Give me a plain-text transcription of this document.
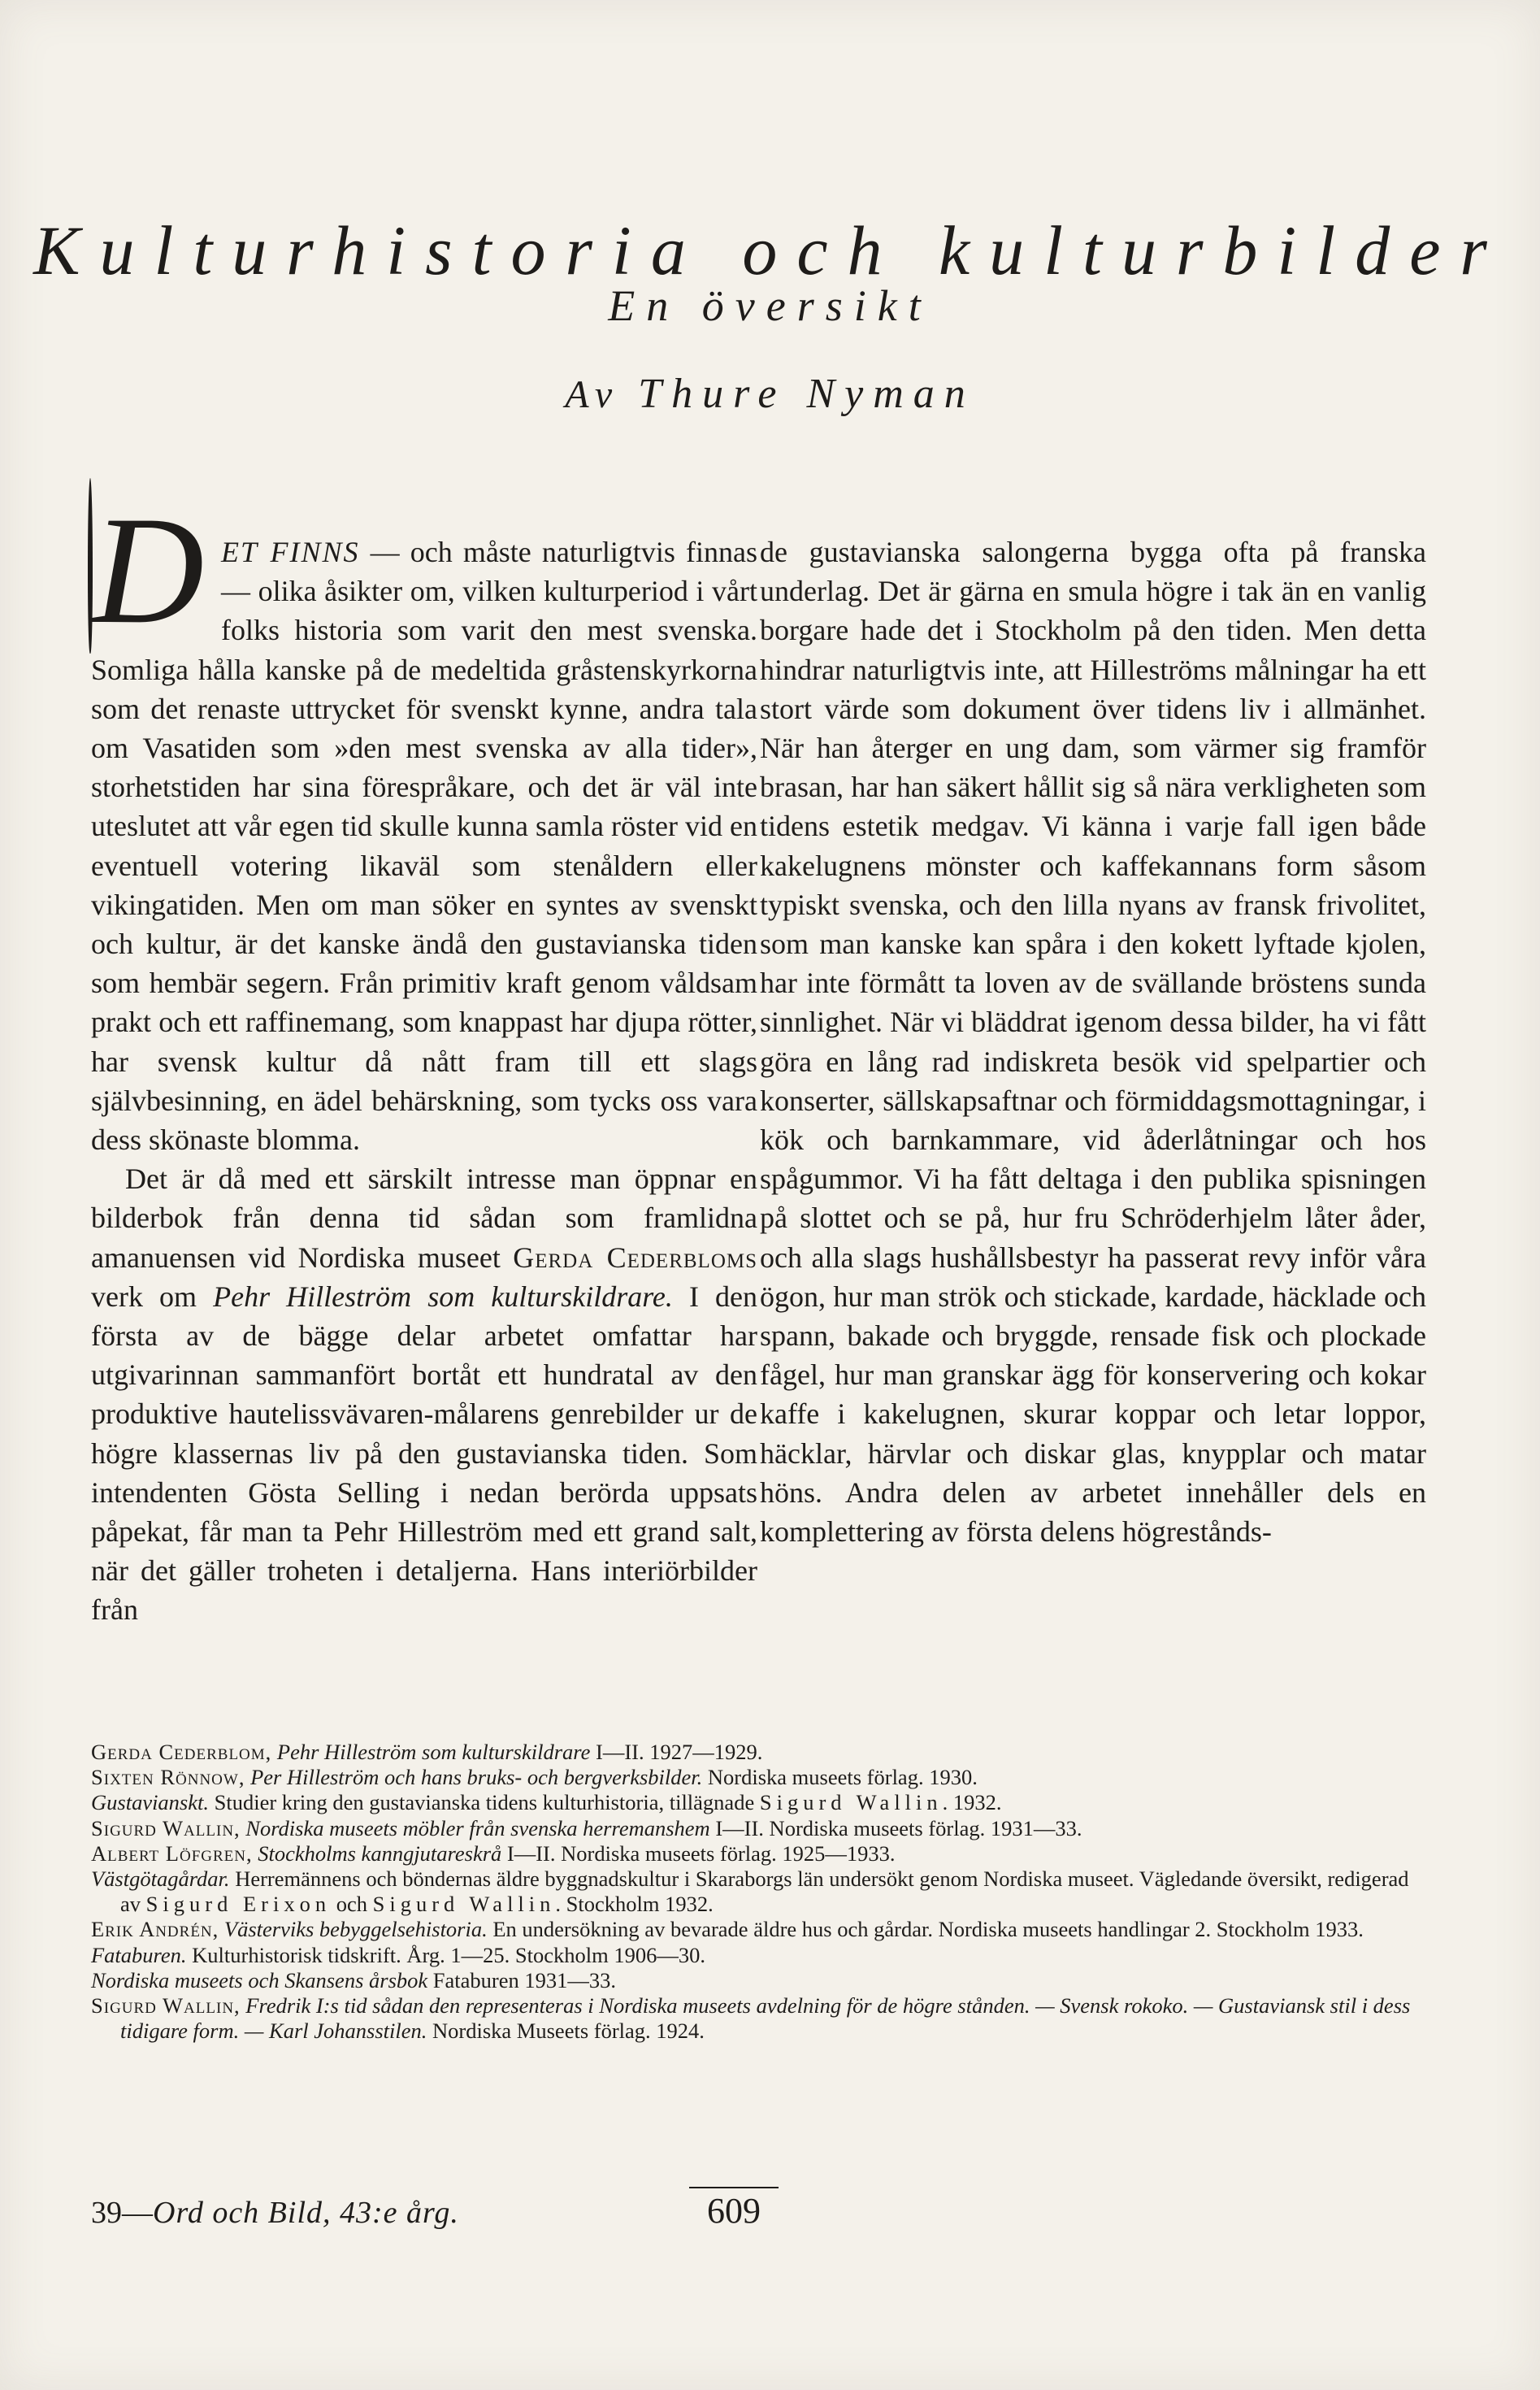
Kulturhistoria och kulturbilder
En översikt
Av Thure Nyman

DET FINNS — och måste naturligtvis finnas — olika åsikter om, vilken kulturperiod i vårt folks historia som varit den mest svenska. Somliga hålla kanske på de medeltida gråstenskyrkorna som det renaste uttrycket för svenskt kynne, andra tala om Vasatiden som »den mest svenska av alla tider», storhetstiden har sina förespråkare, och det är väl inte uteslutet att vår egen tid skulle kunna samla röster vid en eventuell votering likaväl som stenåldern eller vikingatiden. Men om man söker en syntes av svenskt och kultur, är det kanske ändå den gustavianska tiden som hembär segern. Från primitiv kraft genom våldsam prakt och ett raffinemang, som knappast har djupa rötter, har svensk kultur då nått fram till ett slags självbesinning, en ädel behärskning, som tycks oss vara dess skönaste blomma.

Det är då med ett särskilt intresse man öppnar en bilderbok från denna tid sådan som framlidna amanuensen vid Nordiska museet Gerda Cederbloms verk om Pehr Hilleström som kulturskildrare. I den första av de bägge delar arbetet omfattar har utgivarinnan sammanfört bortåt ett hundratal av den produktive hautelissvävaren-målarens genrebilder ur de högre klassernas liv på den gustavianska tiden. Som intendenten Gösta Selling i nedan berörda uppsats påpekat, får man ta Pehr Hilleström med ett grand salt, när det gäller troheten i detaljerna. Hans interiörbilder från

de gustavianska salongerna bygga ofta på franska underlag. Det är gärna en smula högre i tak än en vanlig borgare hade det i Stockholm på den tiden. Men detta hindrar naturligtvis inte, att Hilleströms målningar ha ett stort värde som dokument över tidens liv i allmänhet. När han återger en ung dam, som värmer sig framför brasan, har han säkert hållit sig så nära verkligheten som tidens estetik medgav. Vi känna i varje fall igen både kakelugnens mönster och kaffekannans form såsom typiskt svenska, och den lilla nyans av fransk frivolitet, som man kanske kan spåra i den kokett lyftade kjolen, har inte förmått ta loven av de svällande bröstens sunda sinnlighet. När vi bläddrat igenom dessa bilder, ha vi fått göra en lång rad indiskreta besök vid spelpartier och konserter, sällskapsaftnar och förmiddagsmottagningar, i kök och barnkammare, vid åderlåtningar och hos spågummor. Vi ha fått deltaga i den publika spisningen på slottet och se på, hur fru Schröderhjelm låter åder, och alla slags hushållsbestyr ha passerat revy inför våra ögon, hur man strök och stickade, kardade, häcklade och spann, bakade och bryggde, rensade fisk och plockade fågel, hur man granskar ägg för konservering och kokar kaffe i kakelugnen, skurar koppar och letar loppor, häcklar, härvlar och diskar glas, knypplar och matar höns. Andra delen av arbetet innehåller dels en komplettering av första delens högrestånds-

Gerda Cederblom, Pehr Hilleström som kulturskildrare I—II. 1927—1929.

Sixten Rönnow, Per Hilleström och hans bruks- och bergverksbilder. Nordiska museets förlag. 1930.

Gustavianskt. Studier kring den gustavianska tidens kulturhistoria, tillägnade Sigurd Wallin. 1932.

Sigurd Wallin, Nordiska museets möbler från svenska herremanshem I—II. Nordiska museets förlag. 1931—33.

Albert Löfgren, Stockholms kanngjutareskrå I—II. Nordiska museets förlag. 1925—1933.

Västgötagårdar. Herremännens och böndernas äldre byggnadskultur i Skaraborgs län undersökt genom Nordiska museet. Vägledande översikt, redigerad av Sigurd Erixon och Sigurd Wallin. Stockholm 1932.

Erik Andrén, Västerviks bebyggelsehistoria. En undersökning av bevarade äldre hus och gårdar. Nordiska museets handlingar 2. Stockholm 1933.

Fataburen. Kulturhistorisk tidskrift. Årg. 1—25. Stockholm 1906—30.

Nordiska museets och Skansens årsbok Fataburen 1931—33.

Sigurd Wallin, Fredrik I:s tid sådan den representeras i Nordiska museets avdelning för de högre stånden. — Svensk rokoko. — Gustaviansk stil i dess tidigare form. — Karl Johansstilen. Nordiska Museets förlag. 1924.

39—Ord och Bild, 43:e årg.	609
